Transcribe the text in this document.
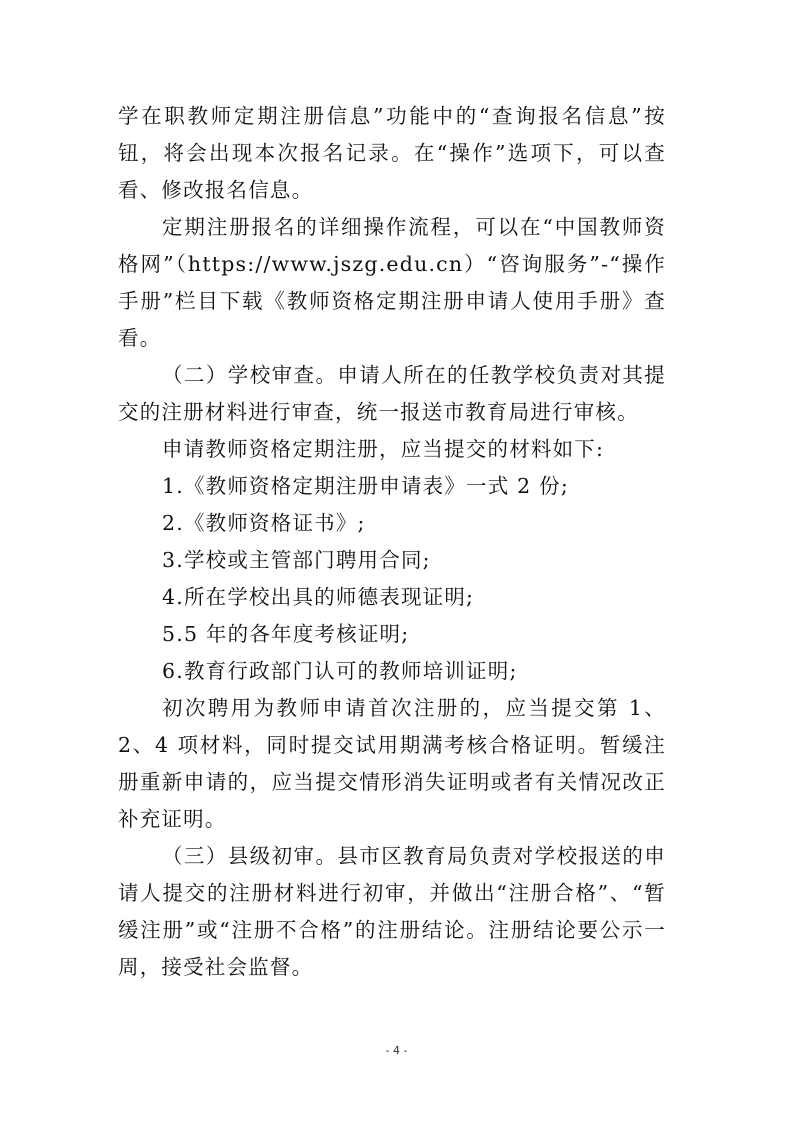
学在职教师定期注册信息”功能中的“查询报名信息”按钮，将会出现本次报名记录。在“操作”选项下，可以查看、修改报名信息。

定期注册报名的详细操作流程，可以在“中国教师资格网”（https://www.jszg.edu.cn）“咨询服务”-“操作手册”栏目下载《教师资格定期注册申请人使用手册》查看。

（二）学校审查。申请人所在的任教学校负责对其提交的注册材料进行审查，统一报送市教育局进行审核。

申请教师资格定期注册，应当提交的材料如下:

1.《教师资格定期注册申请表》一式 2 份;

2.《教师资格证书》;

3.学校或主管部门聘用合同;

4.所在学校出具的师德表现证明;

5.5 年的各年度考核证明;

6.教育行政部门认可的教师培训证明;

初次聘用为教师申请首次注册的，应当提交第 1、2、4 项材料，同时提交试用期满考核合格证明。暂缓注册重新申请的，应当提交情形消失证明或者有关情况改正补充证明。

（三）县级初审。县市区教育局负责对学校报送的申请人提交的注册材料进行初审，并做出“注册合格”、“暂缓注册”或“注册不合格”的注册结论。注册结论要公示一周，接受社会监督。

- 4 -
